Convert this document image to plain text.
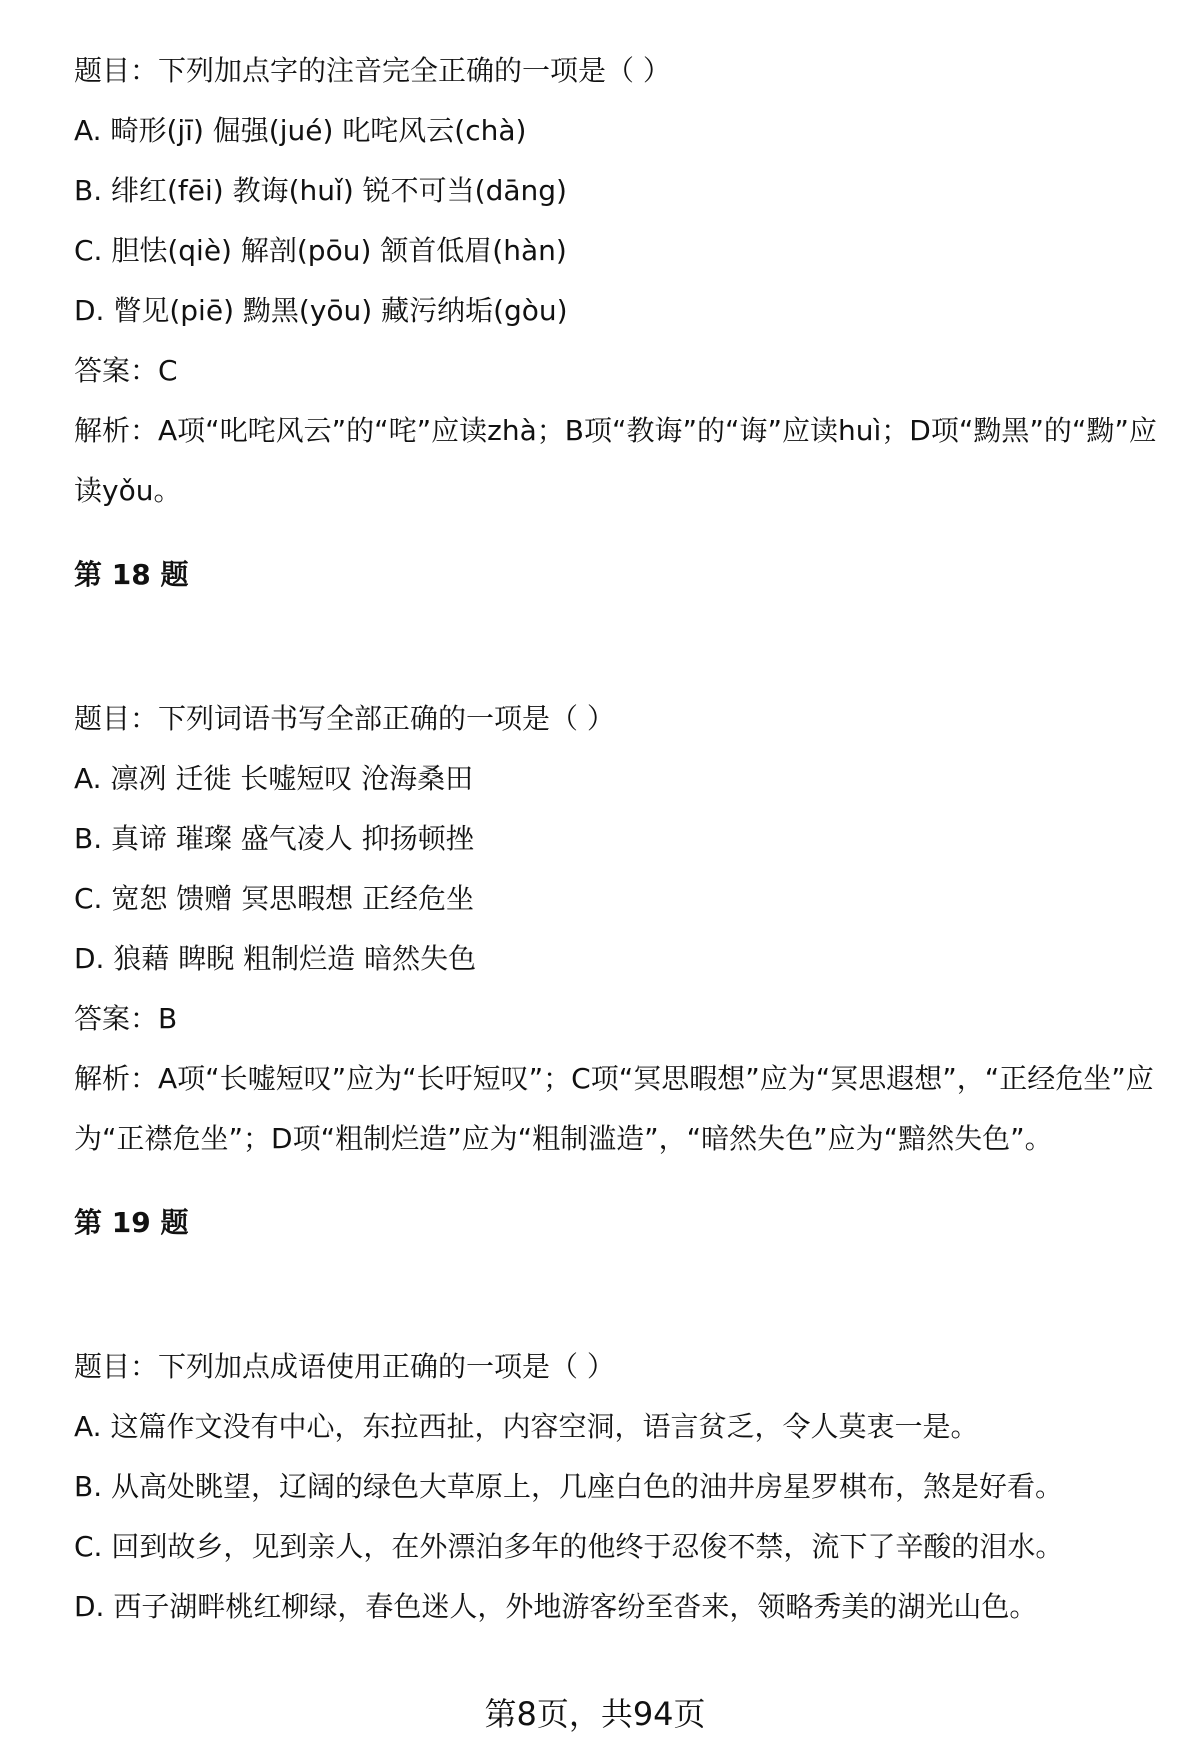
题目：下列加点字的注音完全正确的一项是（ ）
A. 畸形(jī) 倔强(jué) 叱咤风云(chà)
B. 绯红(fēi) 教诲(huǐ) 锐不可当(dāng)
C. 胆怯(qiè) 解剖(pōu) 颔首低眉(hàn)
D. 瞥见(piē) 黝黑(yōu) 藏污纳垢(gòu)
答案：C
解析：A项“叱咤风云”的“咤”应读zhà；B项“教诲”的“诲”应读huì；D项“黝黑”的“黝”应读yǒu。
第 18 题
题目：下列词语书写全部正确的一项是（ ）
A. 凛冽 迁徙 长嘘短叹 沧海桑田
B. 真谛 璀璨 盛气凌人 抑扬顿挫
C. 宽恕 馈赠 冥思暇想 正经危坐
D. 狼藉 睥睨 粗制烂造 暗然失色
答案：B
解析：A项“长嘘短叹”应为“长吁短叹”；C项“冥思暇想”应为“冥思遐想”，“正经危坐”应为“正襟危坐”；D项“粗制烂造”应为“粗制滥造”，“暗然失色”应为“黯然失色”。
第 19 题
题目：下列加点成语使用正确的一项是（ ）
A. 这篇作文没有中心，东拉西扯，内容空洞，语言贫乏，令人莫衷一是。
B. 从高处眺望，辽阔的绿色大草原上，几座白色的油井房星罗棋布，煞是好看。
C. 回到故乡，见到亲人，在外漂泊多年的他终于忍俊不禁，流下了辛酸的泪水。
D. 西子湖畔桃红柳绿，春色迷人，外地游客纷至沓来，领略秀美的湖光山色。
第8页，共94页
